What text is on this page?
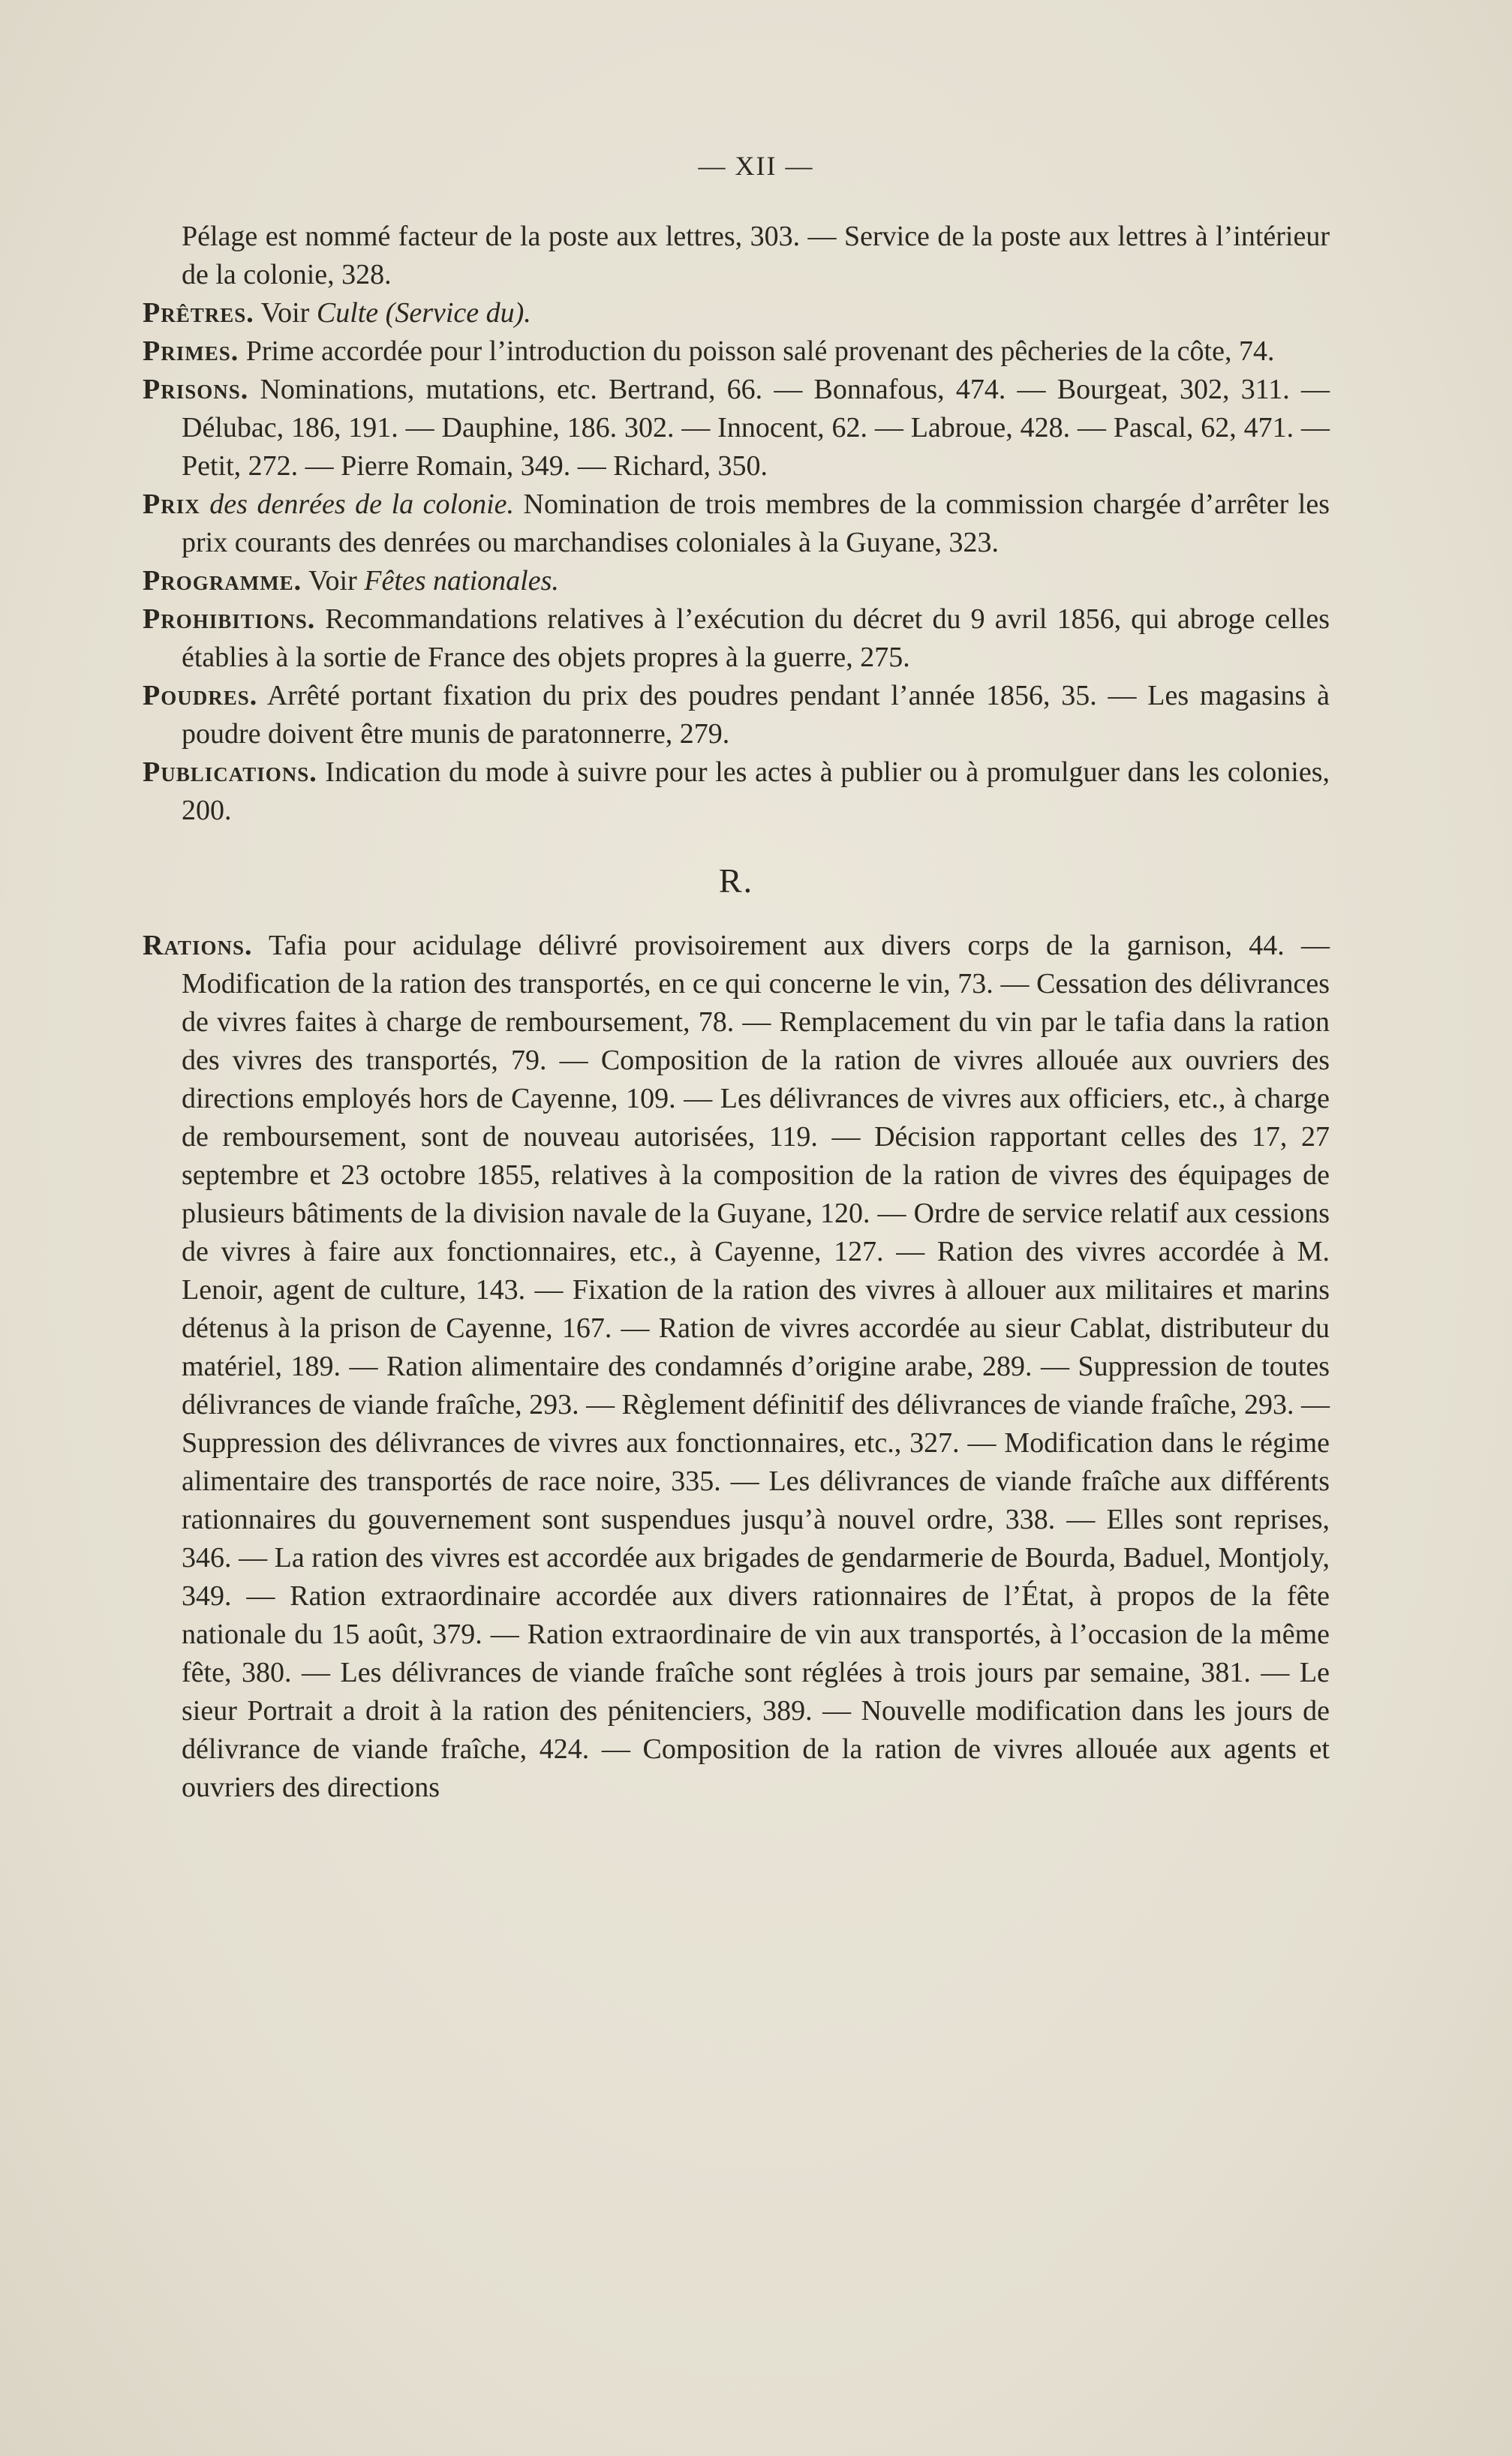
— XII —

Pélage est nommé facteur de la poste aux lettres, 303. — Service de la poste aux lettres à l’intérieur de la colonie, 328.

Prêtres. Voir Culte (Service du).

Primes. Prime accordée pour l’introduction du poisson salé provenant des pêcheries de la côte, 74.

Prisons. Nominations, mutations, etc. Bertrand, 66. — Bonnafous, 474. — Bourgeat, 302, 311. — Délubac, 186, 191. — Dauphine, 186. 302. — Innocent, 62. — Labroue, 428. — Pascal, 62, 471. — Petit, 272. — Pierre Romain, 349. — Richard, 350.

Prix des denrées de la colonie. Nomination de trois membres de la commission chargée d’arrêter les prix courants des denrées ou marchandises coloniales à la Guyane, 323.

Programme. Voir Fêtes nationales.

Prohibitions. Recommandations relatives à l’exécution du décret du 9 avril 1856, qui abroge celles établies à la sortie de France des objets propres à la guerre, 275.

Poudres. Arrêté portant fixation du prix des poudres pendant l’année 1856, 35. — Les magasins à poudre doivent être munis de paratonnerre, 279.

Publications. Indication du mode à suivre pour les actes à publier ou à promulguer dans les colonies, 200.

R.

Rations. Tafia pour acidulage délivré provisoirement aux divers corps de la garnison, 44. — Modification de la ration des transportés, en ce qui concerne le vin, 73. — Cessation des délivrances de vivres faites à charge de remboursement, 78. — Remplacement du vin par le tafia dans la ration des vivres des transportés, 79. — Composition de la ration de vivres allouée aux ouvriers des directions employés hors de Cayenne, 109. — Les délivrances de vivres aux officiers, etc., à charge de remboursement, sont de nouveau autorisées, 119. — Décision rapportant celles des 17, 27 septembre et 23 octobre 1855, relatives à la composition de la ration de vivres des équipages de plusieurs bâtiments de la division navale de la Guyane, 120. — Ordre de service relatif aux cessions de vivres à faire aux fonctionnaires, etc., à Cayenne, 127. — Ration des vivres accordée à M. Lenoir, agent de culture, 143. — Fixation de la ration des vivres à allouer aux militaires et marins détenus à la prison de Cayenne, 167. — Ration de vivres accordée au sieur Cablat, distributeur du matériel, 189. — Ration alimentaire des condamnés d’origine arabe, 289. — Suppression de toutes délivrances de viande fraîche, 293. — Règlement définitif des délivrances de viande fraîche, 293. — Suppression des délivrances de vivres aux fonctionnaires, etc., 327. — Modification dans le régime alimentaire des transportés de race noire, 335. — Les délivrances de viande fraîche aux différents rationnaires du gouvernement sont suspendues jusqu’à nouvel ordre, 338. — Elles sont reprises, 346. — La ration des vivres est accordée aux brigades de gendarmerie de Bourda, Baduel, Montjoly, 349. — Ration extraordinaire accordée aux divers rationnaires de l’État, à propos de la fête nationale du 15 août, 379. — Ration extraordinaire de vin aux transportés, à l’occasion de la même fête, 380. — Les délivrances de viande fraîche sont réglées à trois jours par semaine, 381. — Le sieur Portrait a droit à la ration des pénitenciers, 389. — Nouvelle modification dans les jours de délivrance de viande fraîche, 424. — Composition de la ration de vivres allouée aux agents et ouvriers des directions
